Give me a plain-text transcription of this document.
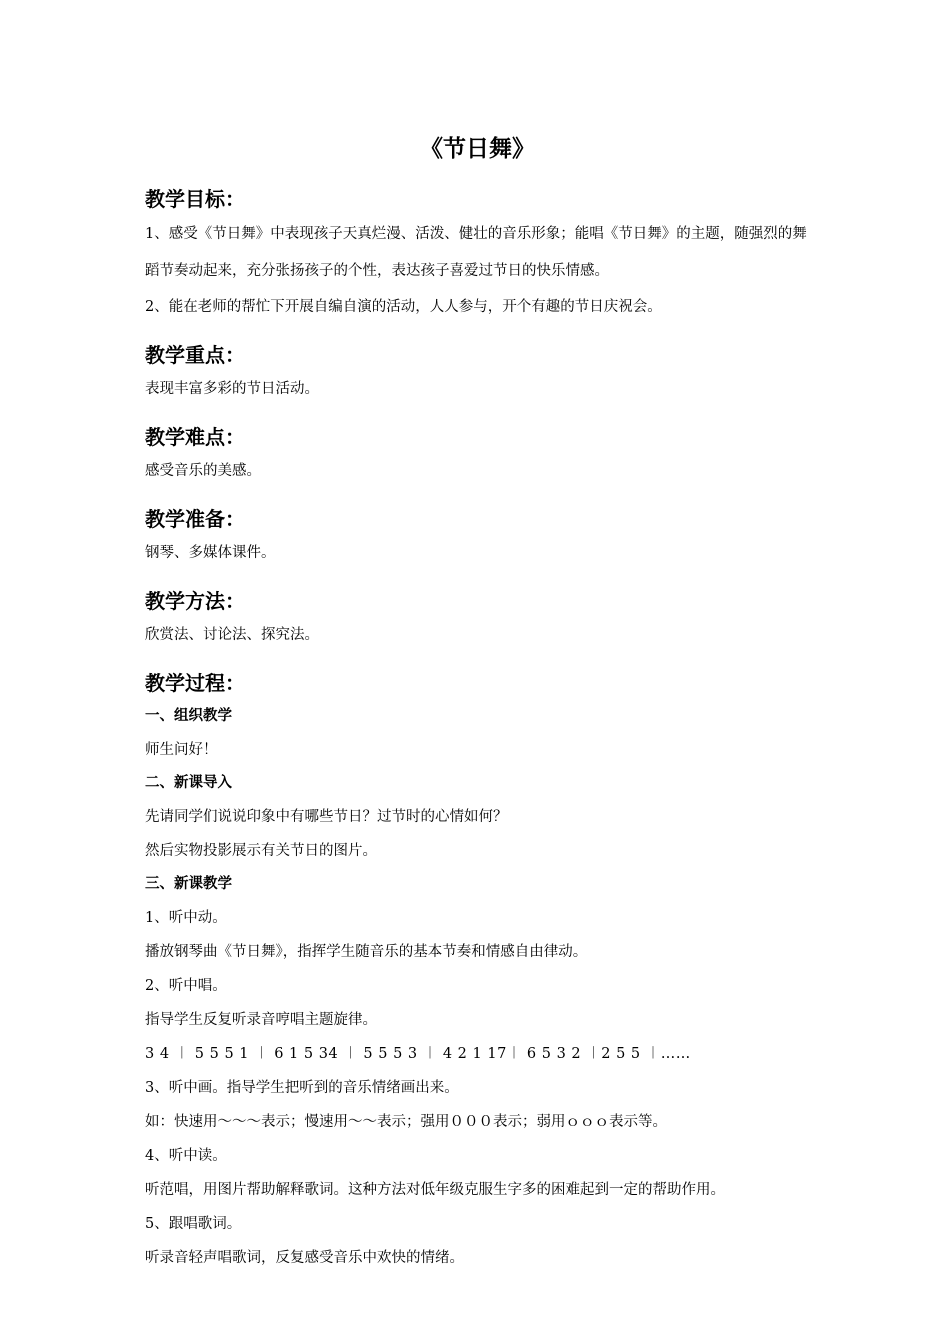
《节日舞》
教学目标：
1、感受《节日舞》中表现孩子天真烂漫、活泼、健壮的音乐形象；能唱《节日舞》的主题，随强烈的舞蹈节奏动起来，充分张扬孩子的个性，表达孩子喜爱过节日的快乐情感。
2、能在老师的帮忙下开展自编自演的活动，人人参与，开个有趣的节日庆祝会。
教学重点：
表现丰富多彩的节日活动。
教学难点：
感受音乐的美感。
教学准备：
钢琴、多媒体课件。
教学方法：
欣赏法、讨论法、探究法。
教学过程：
一、组织教学
师生问好！
二、新课导入
先请同学们说说印象中有哪些节日？过节时的心情如何？
然后实物投影展示有关节日的图片。
三、新课教学
1、听中动。
播放钢琴曲《节日舞》，指挥学生随音乐的基本节奏和情感自由律动。
2、听中唱。
指导学生反复听录音哼唱主题旋律。
3 4 ︱ 5 5 5 1 ︱ 6 1 5 34 ︱ 5 5 5 3 ︱ 4 2 1 17︱ 6 5 3 2 ︱2 5 5 ︱……
3、听中画。指导学生把听到的音乐情绪画出来。
如：快速用～～～表示；慢速用～～表示；强用０００表示；弱用ｏｏｏ表示等。
4、听中读。
听范唱，用图片帮助解释歌词。这种方法对低年级克服生字多的困难起到一定的帮助作用。
5、跟唱歌词。
听录音轻声唱歌词，反复感受音乐中欢快的情绪。
